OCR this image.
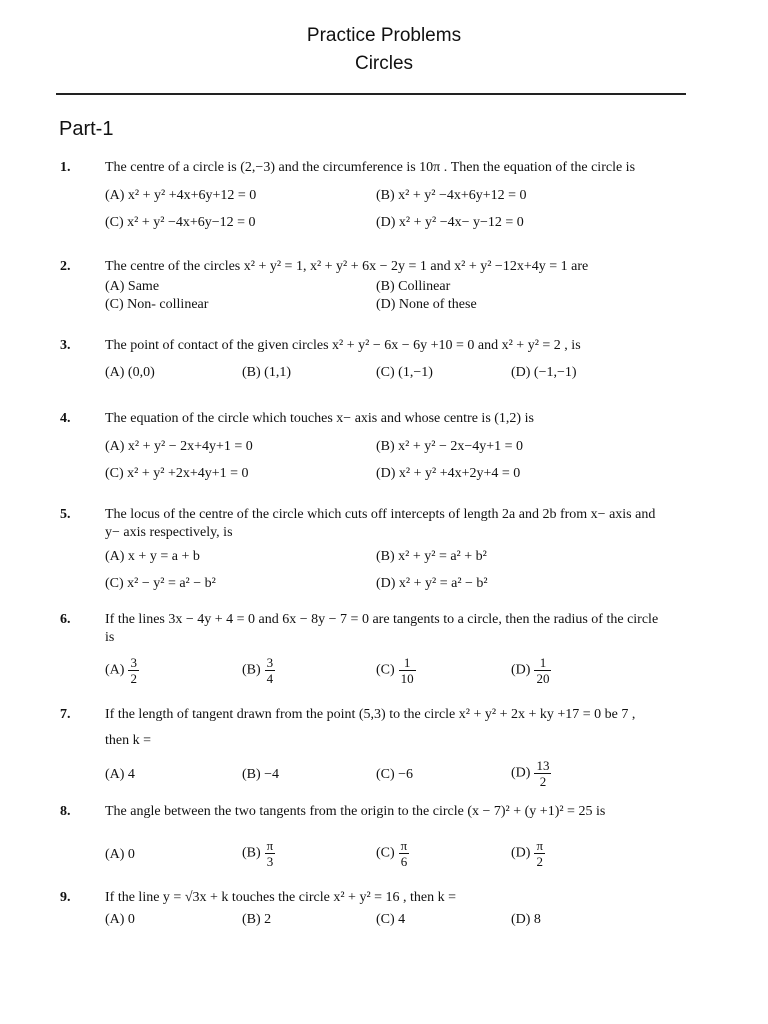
Practice Problems
Circles
Part-1
1. The centre of a circle is (2,−3) and the circumference is 10π . Then the equation of the circle is
(A) x² + y² +4x+6y+12 = 0	(B) x² + y² −4x+6y+12 = 0
(C) x² + y² −4x+6y−12 = 0	(D) x² + y² −4x− y−12 = 0
2. The centre of the circles x² + y² = 1, x² + y² + 6x − 2y = 1 and x² + y² −12x+4y = 1 are
(A) Same	(B) Collinear
(C) Non- collinear	(D) None of these
3. The point of contact of the given circles x² + y² − 6x − 6y +10 = 0 and x² + y² = 2 , is
(A) (0,0)	(B) (1,1)	(C) (1,−1)	(D) (−1,−1)
4. The equation of the circle which touches x− axis and whose centre is (1,2) is
(A) x² + y² − 2x+4y+1 = 0	(B) x² + y² − 2x−4y+1 = 0
(C) x² + y² +2x+4y+1 = 0	(D) x² + y² +4x+2y+4 = 0
5. The locus of the centre of the circle which cuts off intercepts of length 2a and 2b from x− axis and
y− axis respectively, is
(A) x + y = a + b	(B) x² + y² = a² + b²
(C) x² − y² = a² − b²	(D) x² + y² = a² − b²
6. If the lines 3x − 4y + 4 = 0 and 6x − 8y − 7 = 0 are tangents to a circle, then the radius of the circle
is
$(A) \frac{3}{2}$	$(B) \frac{3}{4}$	$(C) \frac{1}{10}$	$(D) \frac{1}{20}$
7. If the length of tangent drawn from the point (5,3) to the circle x² + y² + 2x + ky +17 = 0 be 7 ,
then k =
(A) 4	(B) −4	(C) −6	$(D) \frac{13}{2}$
8. The angle between the two tangents from the origin to the circle (x − 7)² + (y +1)² = 25 is
(A) 0	$(B) \frac{\pi}{3}$	$(C) \frac{\pi}{6}$	$(D) \frac{\pi}{2}$
9. If the line y = √3x + k touches the circle x² + y² = 16 , then k =
(A) 0	(B) 2	(C) 4	(D) 8
